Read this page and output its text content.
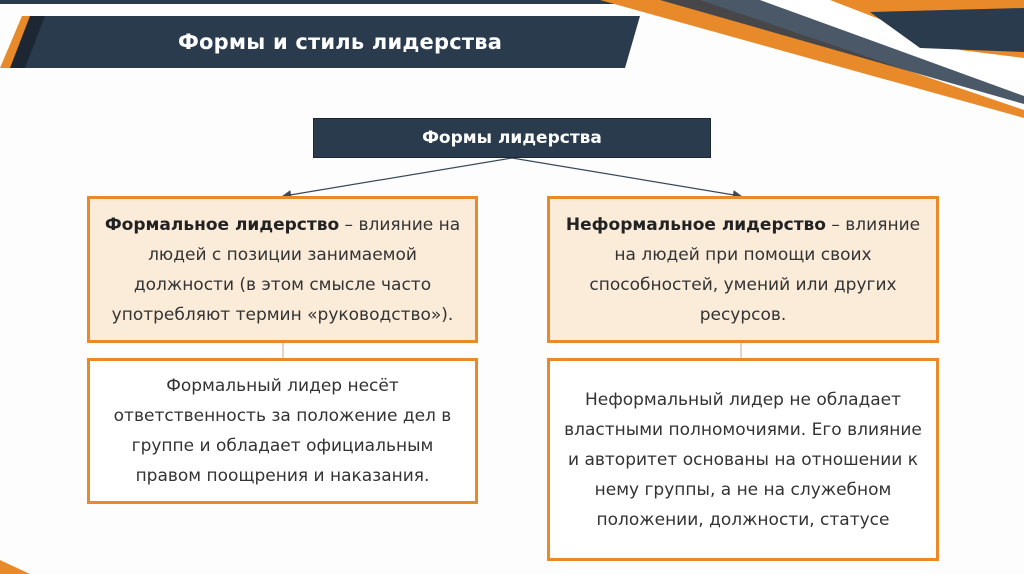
Формы и стиль лидерства
Формы лидерства
Формальное лидерство – влияние на людей с позиции занимаемой должности (в этом смысле часто употребляют термин «руководство»).
Формальный лидер несёт ответственность за положение дел в группе и обладает официальным правом поощрения и наказания.
Неформальное лидерство – влияние на людей при помощи своих способностей, умений или других ресурсов.
Неформальный лидер не обладает властными полномочиями. Его влияние и авторитет основаны на отношении к нему группы, а не на служебном положении, должности, статусе
